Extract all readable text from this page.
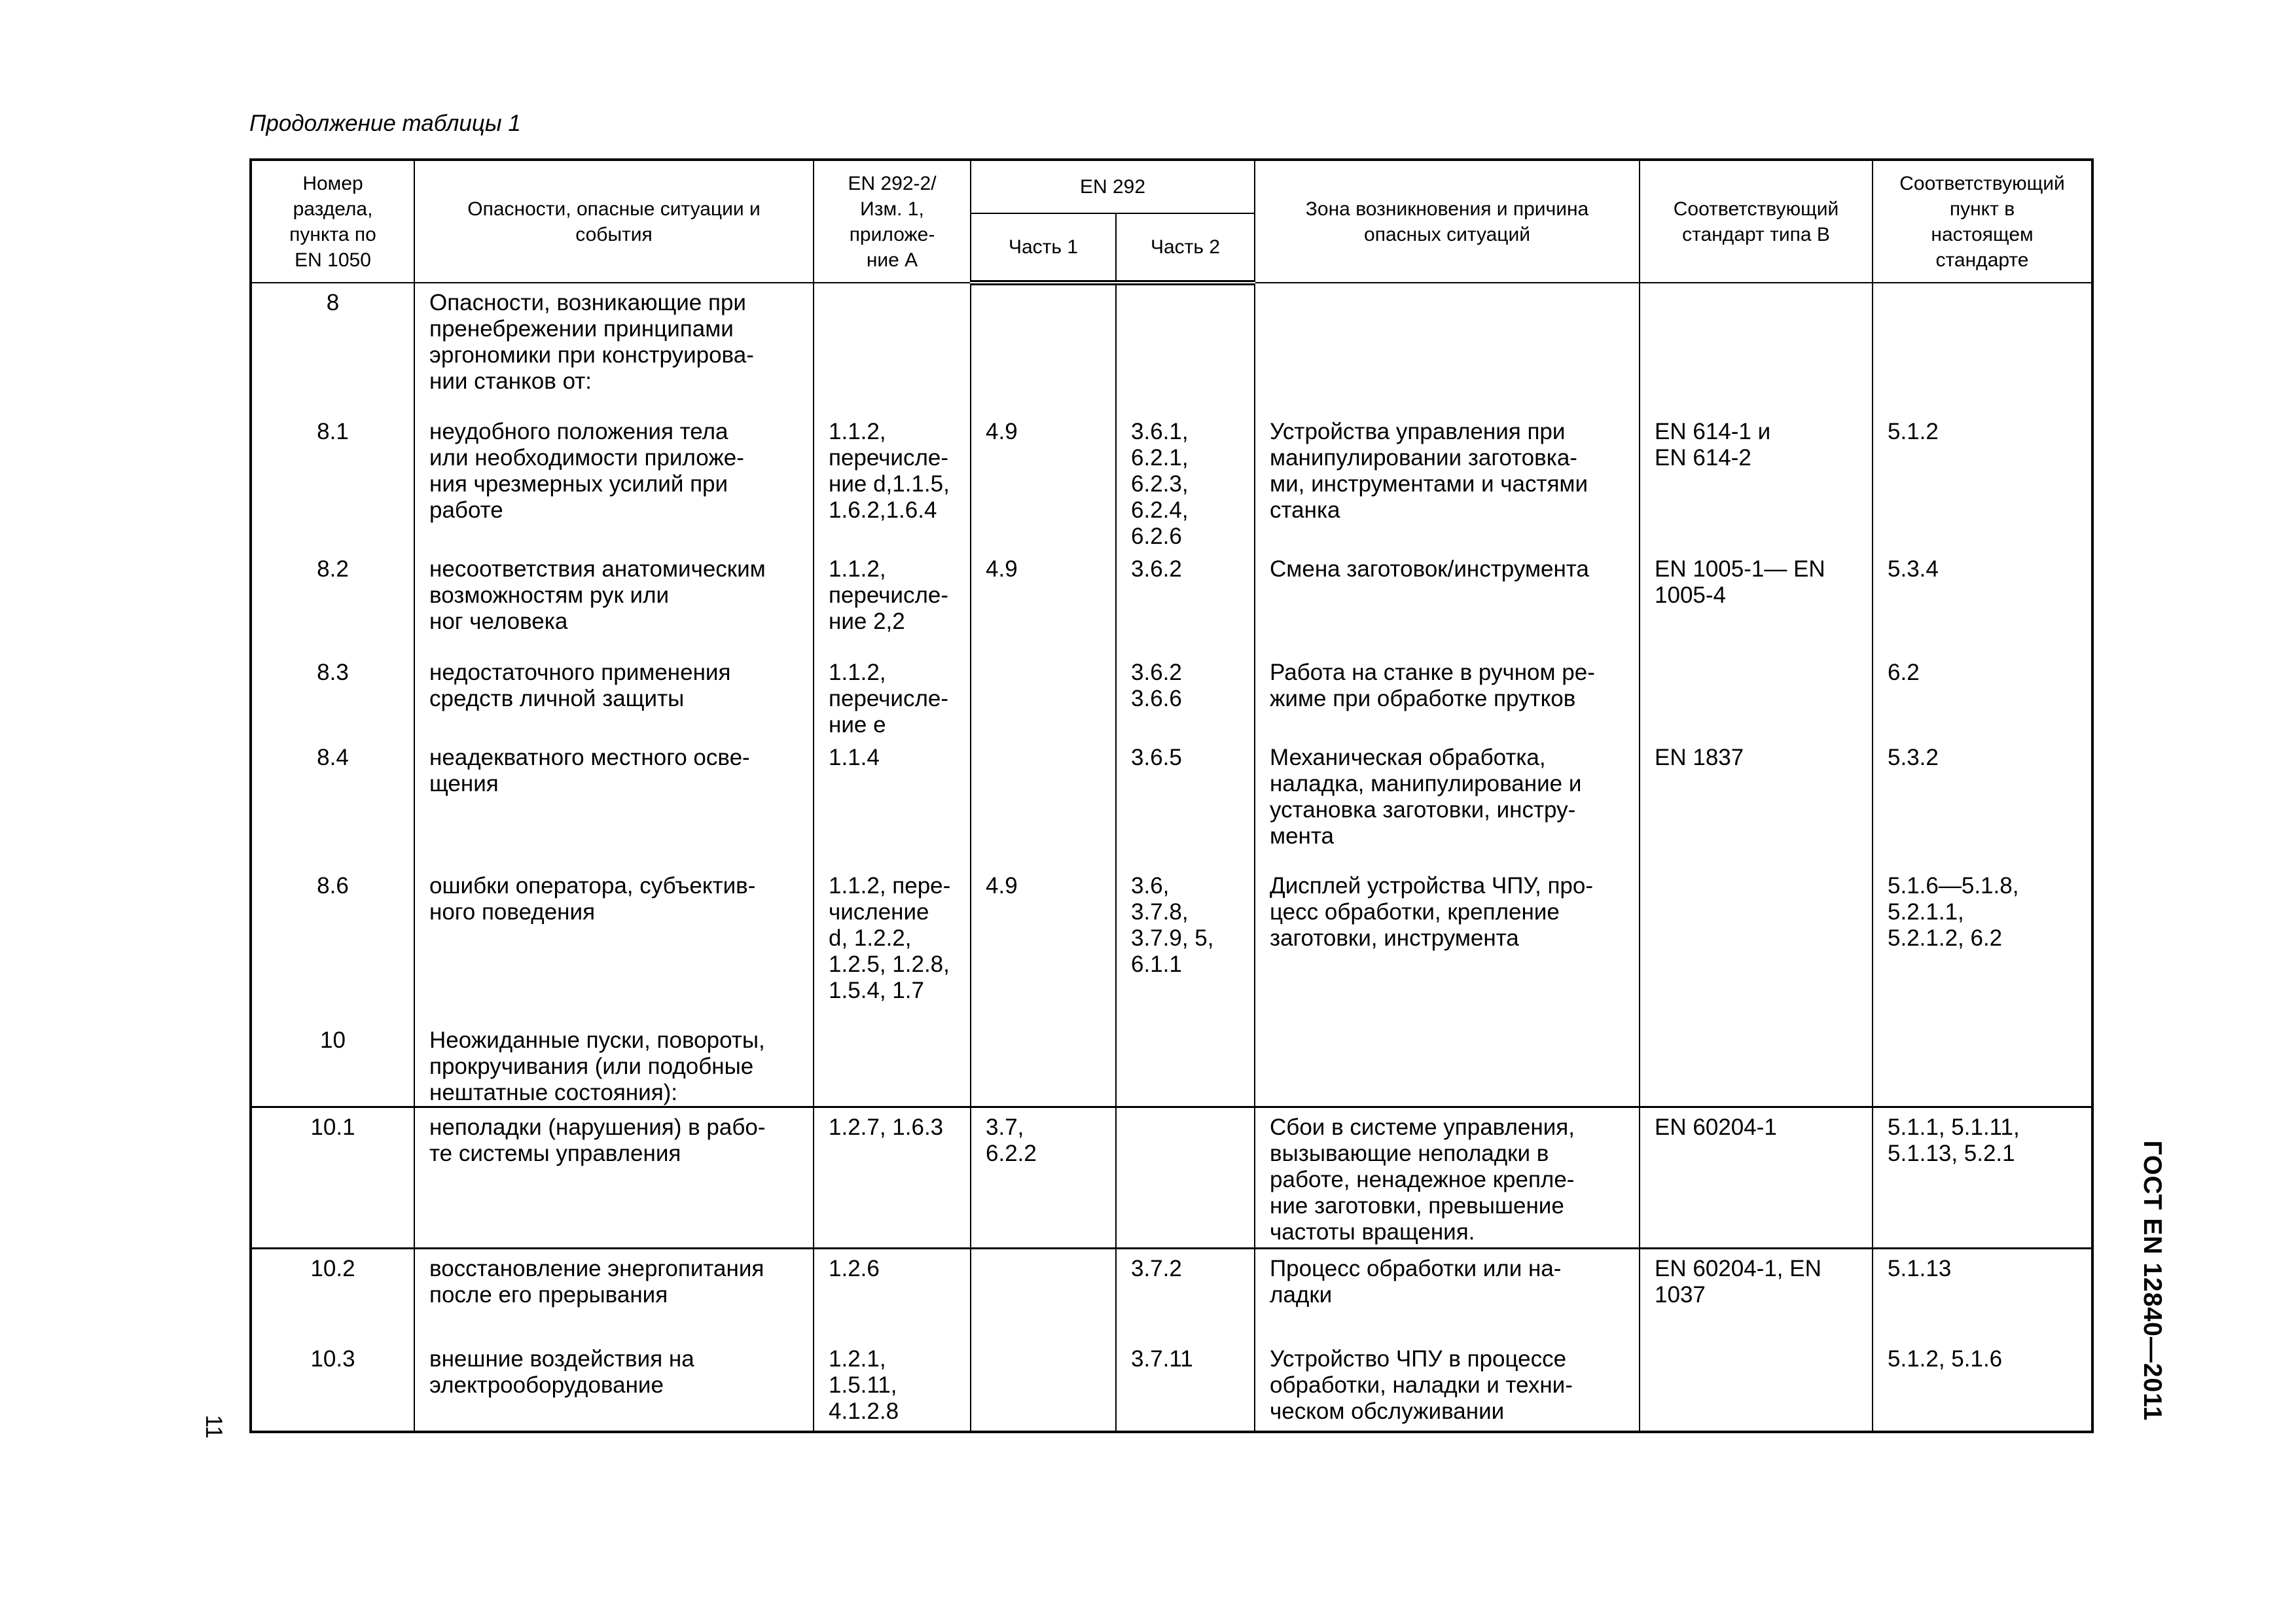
Продолжение таблицы 1
Номер
раздела,
пункта по
EN 1050	Опасности, опасные ситуации и
события	EN 292-2/
Изм. 1,
приложе-
ние А	EN 292		Зона возникновения и причина
опасных ситуаций	Соответствующий
стандарт типа В	Соответствующий
пункт в
настоящем
стандарте

			Часть 1	Часть 2			
8	Опасности, возникающие при
пренебрежении принципами
эргономики при конструирова-
нии станков от:						

8.1	неудобного положения тела
или необходимости приложе-
ния чрезмерных усилий при
работе	1.1.2,
перечисле-
ние d,1.1.5,
1.6.2,1.6.4	4.9	3.6.1,
6.2.1,
6.2.3,
6.2.4,
6.2.6	Устройства управления при
манипулировании заготовка-
ми, инструментами и частями
станка	EN 614-1 и
EN 614-2	5.1.2

8.2	несоответствия анатомическим
возможностям рук или
ног человека	1.1.2,
перечисле-
ние 2,2	4.9	3.6.2	Смена заготовок/инструмента	EN 1005-1— EN
1005-4	5.3.4

8.3	недостаточного применения
средств личной защиты	1.1.2,
перечисле-
ние e		3.6.2
3.6.6	Работа на станке в ручном ре-
жиме при обработке прутков		6.2

8.4	неадекватного местного осве-
щения	1.1.4		3.6.5	Механическая обработка,
наладка, манипулирование и
установка заготовки, инстру-
мента	EN 1837	5.3.2

8.6	ошибки оператора, субъектив-
ного поведения	1.1.2, пере-
числение
d, 1.2.2,
1.2.5, 1.2.8,
1.5.4, 1.7	4.9	3.6,
3.7.8,
3.7.9, 5,
6.1.1	Дисплей устройства ЧПУ, про-
цесс обработки, крепление
заготовки, инструмента		5.1.6—5.1.8,
5.2.1.1,
5.2.1.2, 6.2

10	Неожиданные пуски, повороты,
прокручивания (или подобные
нештатные состояния):						

10.1	неполадки (нарушения) в рабо-
те системы управления	1.2.7, 1.6.3	3.7,
6.2.2		Сбои в системе управления,
вызывающие неполадки в
работе, ненадежное крепле-
ние заготовки, превышение
частоты вращения.	EN 60204-1	5.1.1, 5.1.11,
5.1.13, 5.2.1

10.2	восстановление энергопитания
после его прерывания	1.2.6		3.7.2	Процесс обработки или на-
ладки	EN 60204-1, EN
1037	5.1.13

10.3	внешние воздействия на
электрооборудование	1.2.1,
1.5.11,
4.1.2.8		3.7.11	Устройство ЧПУ в процессе
обработки, наладки и техни-
ческом обслуживании		5.1.2, 5.1.6	ГОСТ EN 12840—2011
11
